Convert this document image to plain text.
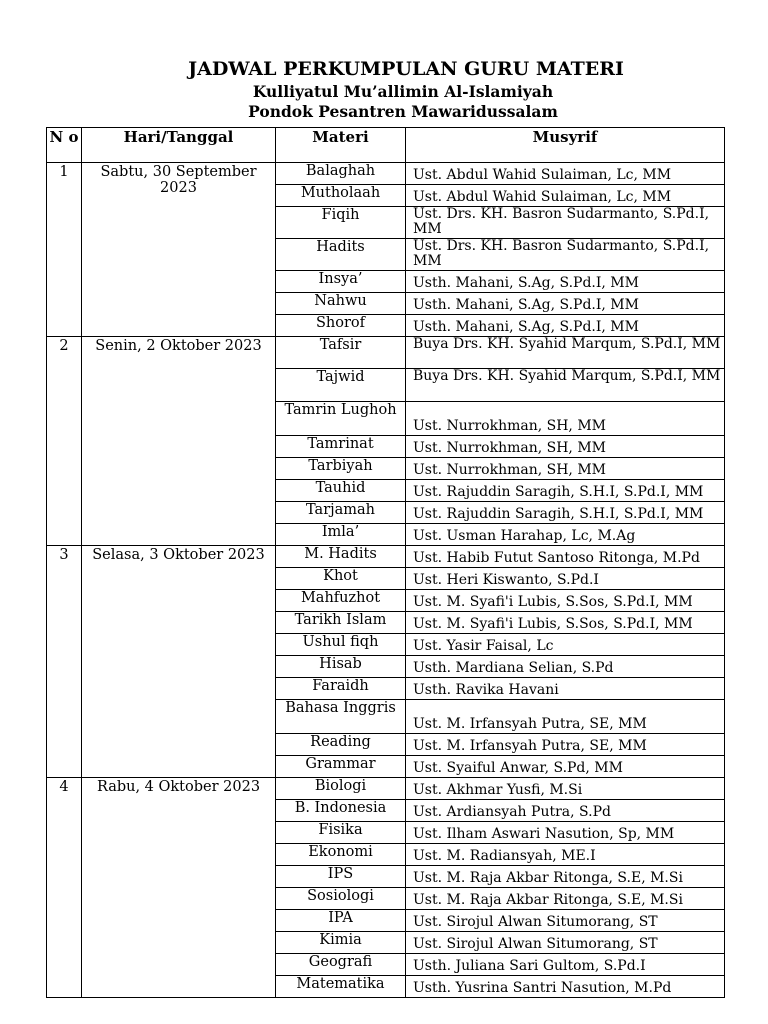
JADWAL PERKUMPULAN GURU MATERI
Kulliyatul Mu’allimin Al-Islamiyah
Pondok Pesantren Mawaridussalam
N o	Hari/Tanggal	Materi	Musyrif
1	Sabtu, 30 September 2023	Balaghah	Ust. Abdul Wahid Sulaiman, Lc, MM
		Mutholaah	Ust. Abdul Wahid Sulaiman, Lc, MM
		Fiqih	Ust. Drs. KH. Basron Sudarmanto, S.Pd.I, MM
		Hadits	Ust. Drs. KH. Basron Sudarmanto, S.Pd.I, MM
		Insya’	Usth. Mahani, S.Ag, S.Pd.I, MM
		Nahwu	Usth. Mahani, S.Ag, S.Pd.I, MM
		Shorof	Usth. Mahani, S.Ag, S.Pd.I, MM
2	Senin, 2 Oktober 2023	Tafsir	Buya Drs. KH. Syahid Marqum, S.Pd.I, MM
		Tajwid	Buya Drs. KH. Syahid Marqum, S.Pd.I, MM
		Tamrin Lughoh	Ust. Nurrokhman, SH, MM
		Tamrinat	Ust. Nurrokhman, SH, MM
		Tarbiyah	Ust. Nurrokhman, SH, MM
		Tauhid	Ust. Rajuddin Saragih, S.H.I, S.Pd.I, MM
		Tarjamah	Ust. Rajuddin Saragih, S.H.I, S.Pd.I, MM
		Imla’	Ust. Usman Harahap, Lc, M.Ag
3	Selasa, 3 Oktober 2023	M. Hadits	Ust. Habib Futut Santoso Ritonga, M.Pd
		Khot	Ust. Heri Kiswanto, S.Pd.I
		Mahfuzhot	Ust. M. Syafi'i Lubis, S.Sos, S.Pd.I, MM
		Tarikh Islam	Ust. M. Syafi'i Lubis, S.Sos, S.Pd.I, MM
		Ushul fiqh	Ust. Yasir Faisal, Lc
		Hisab	Usth. Mardiana Selian, S.Pd
		Faraidh	Usth. Ravika Havani
		Bahasa Inggris	Ust. M. Irfansyah Putra, SE, MM
		Reading	Ust. M. Irfansyah Putra, SE, MM
		Grammar	Ust. Syaiful Anwar, S.Pd, MM
4	Rabu, 4 Oktober 2023	Biologi	Ust. Akhmar Yusfi, M.Si
		B. Indonesia	Ust. Ardiansyah Putra, S.Pd
		Fisika	Ust. Ilham Aswari Nasution, Sp, MM
		Ekonomi	Ust. M. Radiansyah, ME.I
		IPS	Ust. M. Raja Akbar Ritonga, S.E, M.Si
		Sosiologi	Ust. M. Raja Akbar Ritonga, S.E, M.Si
		IPA	Ust. Sirojul Alwan Situmorang, ST
		Kimia	Ust. Sirojul Alwan Situmorang, ST
		Geografi	Usth. Juliana Sari Gultom, S.Pd.I
		Matematika	Usth. Yusrina Santri Nasution, M.Pd
